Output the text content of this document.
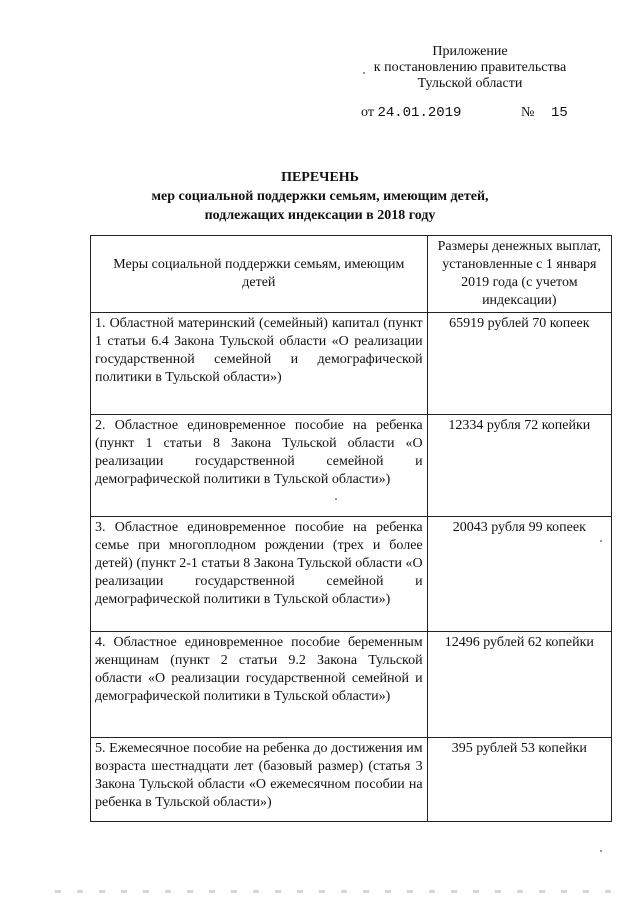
Приложение
к постановлению правительства
Тульской области
от 24.01.2019	№ 15
ПЕРЕЧЕНЬ
мер социальной поддержки семьям, имеющим детей,
подлежащих индексации в 2018 году
Меры социальной поддержки семьям, имеющим детей	Размеры денежных выплат, установленные с 1 января 2019 года (с учетом индексации)
1. Областной материнский (семейный) капитал (пункт 1 статьи 6.4 Закона Тульской области «О реализации государственной семейной и демографической политики в Тульской области»)	65919 рублей 70 копеек
2. Областное единовременное пособие на ребенка (пункт 1 статьи 8 Закона Тульской области «О реализации государственной семейной и демографической политики в Тульской области»)	12334 рубля 72 копейки
3. Областное единовременное пособие на ребенка семье при многоплодном рождении (трех и более детей) (пункт 2-1 статьи 8 Закона Тульской области «О реализации государственной семейной и демографической политики в Тульской области»)	20043 рубля 99 копеек
4. Областное единовременное пособие беременным женщинам (пункт 2 статьи 9.2 Закона Тульской области «О реализации государственной семейной и демографической политики в Тульской области»)	12496 рублей 62 копейки
5. Ежемесячное пособие на ребенка до достижения им возраста шестнадцати лет (базовый размер) (статья 3 Закона Тульской области «О ежемесячном пособии на ребенка в Тульской области»)	395 рублей 53 копейки
